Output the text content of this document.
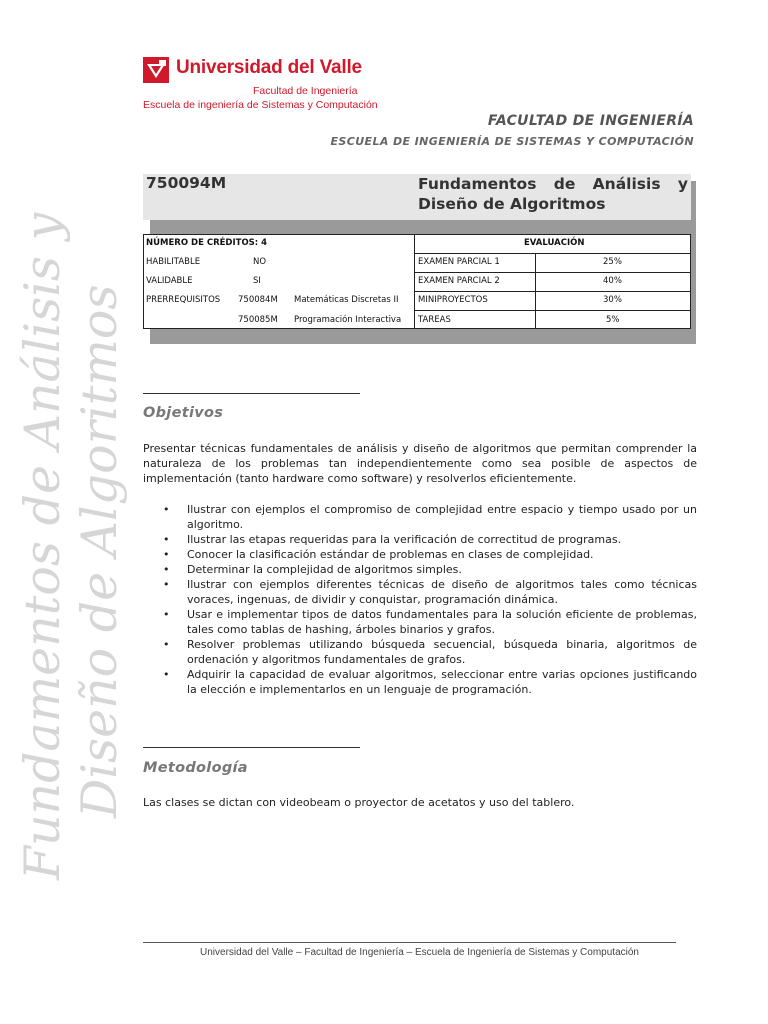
Fundamentos de Análisis y Diseño de Algoritmos
Universidad del Valle
Facultad de Ingeniería
Escuela de ingeniería de Sistemas y Computación
FACULTAD DE INGENIERÍA
ESCUELA DE INGENIERÍA DE SISTEMAS Y COMPUTACIÓN
750094M	Fundamentos de Análisis y Diseño de Algoritmos
NÚMERO DE CRÉDITOS: 4	EVALUACIÓN
HABILITABLE	NO
VALIDABLE	SI
PRERREQUISITOS 750084M Matemáticas Discretas II
750085M Programación Interactiva
EXAMEN PARCIAL 1	25%
EXAMEN PARCIAL 2	40%
MINIPROYECTOS	30%
TAREAS	5%
Objetivos
Presentar técnicas fundamentales de análisis y diseño de algoritmos que permitan comprender la naturaleza de los problemas tan independientemente como sea posible de aspectos de implementación (tanto hardware como software) y resolverlos eficientemente.
• Ilustrar con ejemplos el compromiso de complejidad entre espacio y tiempo usado por un algoritmo.
• Ilustrar las etapas requeridas para la verificación de correctitud de programas.
• Conocer la clasificación estándar de problemas en clases de complejidad.
• Determinar la complejidad de algoritmos simples.
• Ilustrar con ejemplos diferentes técnicas de diseño de algoritmos tales como técnicas voraces, ingenuas, de dividir y conquistar, programación dinámica.
• Usar e implementar tipos de datos fundamentales para la solución eficiente de problemas, tales como tablas de hashing, árboles binarios y grafos.
• Resolver problemas utilizando búsqueda secuencial, búsqueda binaria, algoritmos de ordenación y algoritmos fundamentales de grafos.
• Adquirir la capacidad de evaluar algoritmos, seleccionar entre varias opciones justificando la elección e implementarlos en un lenguaje de programación.
Metodología
Las clases se dictan con videobeam o proyector de acetatos y uso del tablero.
Universidad del Valle – Facultad de Ingeniería – Escuela de Ingeniería de Sistemas y Computación
